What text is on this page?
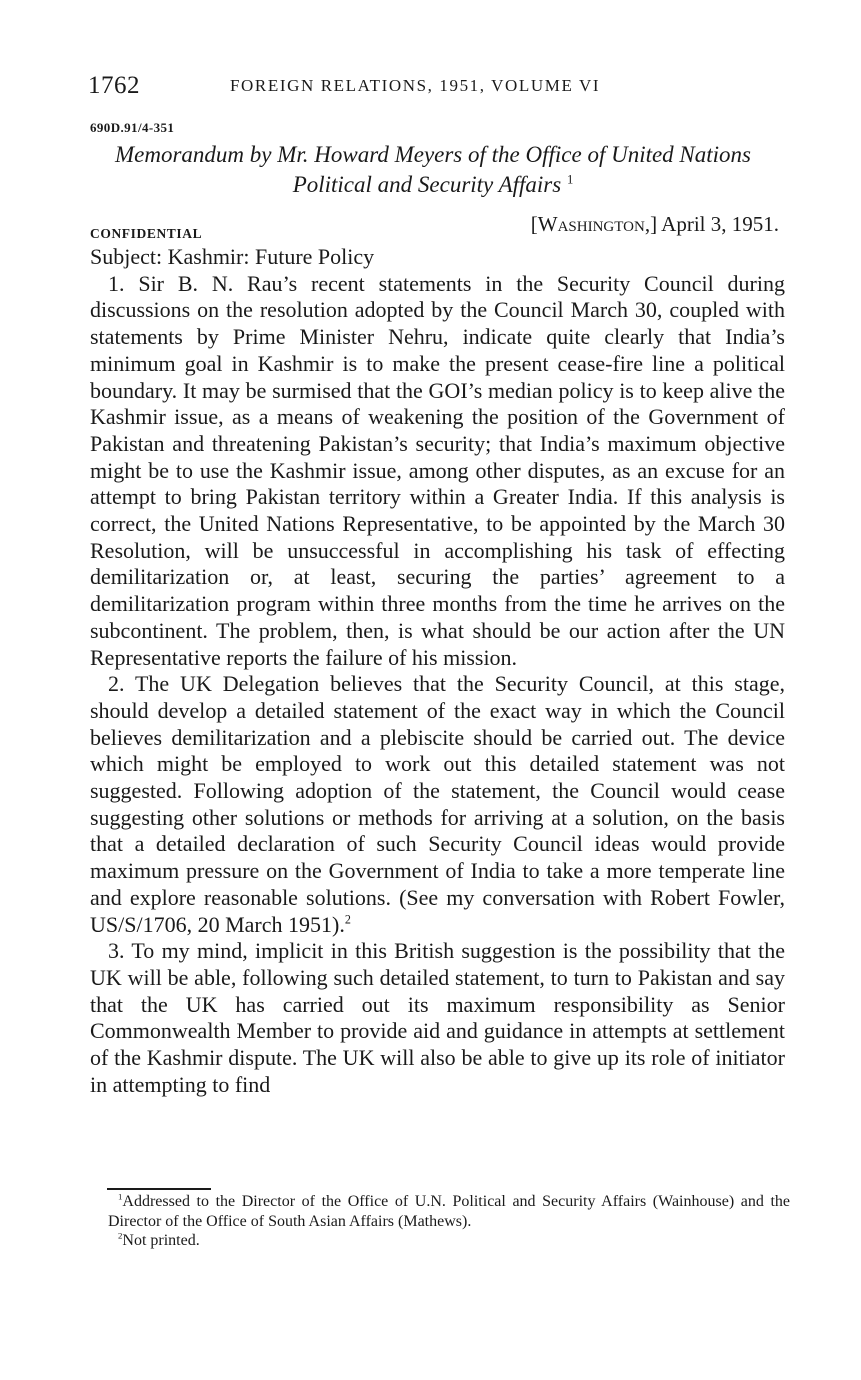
1762	FOREIGN RELATIONS, 1951, VOLUME VI
690D.91/4-351
Memorandum by Mr. Howard Meyers of the Office of United Nations
Political and Security Affairs $^1$
CONFIDENTIAL	[Washington,] April 3, 1951.

Subject: Kashmir: Future Policy

1. Sir B. N. Rau’s recent statements in the Security Council during discussions on the resolution adopted by the Council March 30, coupled with statements by Prime Minister Nehru, indicate quite clearly that India’s minimum goal in Kashmir is to make the present cease-fire line a political boundary. It may be surmised that the GOI’s median policy is to keep alive the Kashmir issue, as a means of weakening the position of the Government of Pakistan and threatening Pakistan’s security; that India’s maximum objective might be to use the Kashmir issue, among other disputes, as an excuse for an attempt to bring Pakistan territory within a Greater India. If this analysis is correct, the United Nations Representative, to be appointed by the March 30 Resolution, will be unsuccessful in accomplishing his task of effecting demilitarization or, at least, securing the parties’ agreement to a demilitarization program within three months from the time he arrives on the subcontinent. The problem, then, is what should be our action after the UN Representative reports the failure of his mission.

2. The UK Delegation believes that the Security Council, at this stage, should develop a detailed statement of the exact way in which the Council believes demilitarization and a plebiscite should be carried out. The device which might be employed to work out this detailed statement was not suggested. Following adoption of the statement, the Council would cease suggesting other solutions or methods for arriving at a solution, on the basis that a detailed declaration of such Security Council ideas would provide maximum pressure on the Government of India to take a more temperate line and explore reasonable solutions. (See my conversation with Robert Fowler, US/S/1706, 20 March 1951).$^2$

3. To my mind, implicit in this British suggestion is the possibility that the UK will be able, following such detailed statement, to turn to Pakistan and say that the UK has carried out its maximum responsibility as Senior Commonwealth Member to provide aid and guidance in attempts at settlement of the Kashmir dispute. The UK will also be able to give up its role of initiator in attempting to find

$^1$Addressed to the Director of the Office of U.N. Political and Security Affairs (Wainhouse) and the Director of the Office of South Asian Affairs (Mathews).

$^2$Not printed.
